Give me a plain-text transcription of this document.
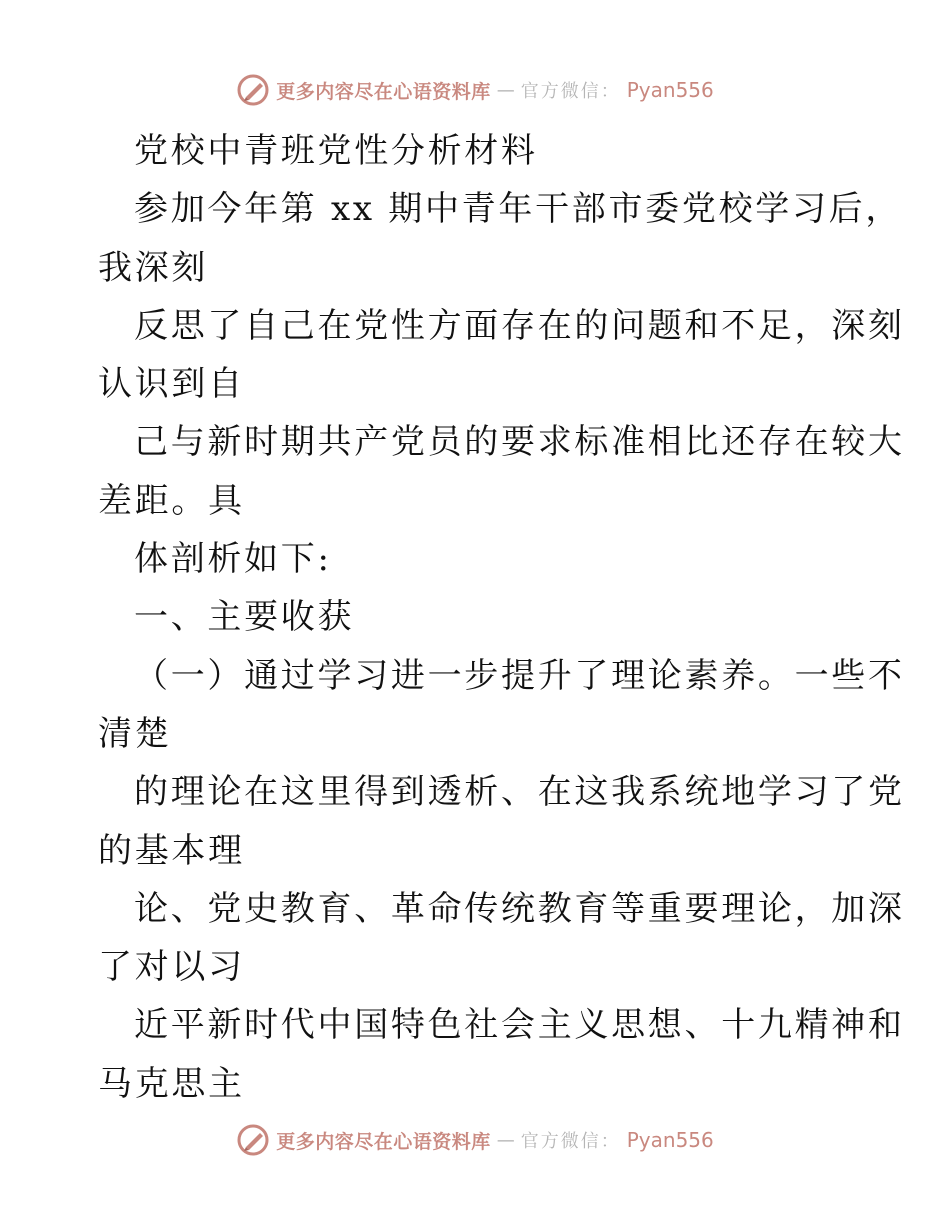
更多内容尽在心语资料库 — 官方微信： Pyan556
党校中青班党性分析材料
参加今年第 xx 期中青年干部市委党校学习后，
我深刻
反思了自己在党性方面存在的问题和不足，深刻
认识到自
己与新时期共产党员的要求标准相比还存在较大
差距。具
体剖析如下:
一、主要收获
（一）通过学习进一步提升了理论素养。一些不
清楚
的理论在这里得到透析、在这我系统地学习了党
的基本理
论、党史教育、革命传统教育等重要理论，加深
了对以习
近平新时代中国特色社会主义思想、十九精神和
马克思主
更多内容尽在心语资料库 — 官方微信： Pyan556
